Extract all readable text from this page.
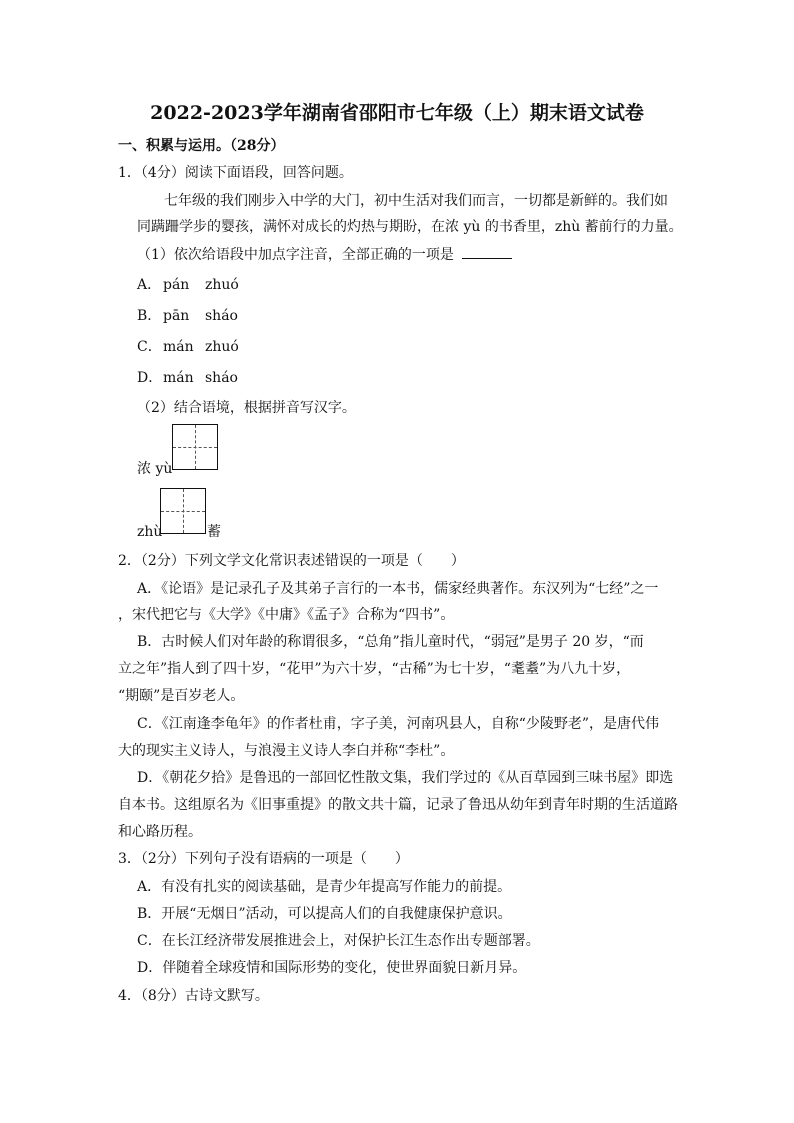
2022-2023学年湖南省邵阳市七年级（上）期末语文试卷
一、积累与运用。（28分）
1．（4分）阅读下面语段，回答问题。
七年级的我们刚步入中学的大门，初中生活对我们而言，一切都是新鲜的。我们如
同蹒跚学步的婴孩，满怀对成长的灼热与期盼，在浓 yù 的书香里，zhù 蓄前行的力量。
（1）依次给语段中加点字注音，全部正确的一项是
A． pán zhuó
B． pān sháo
C．mán zhuó
D．mán sháo
（2）结合语境，根据拼音写汉字。
浓 yù
zhù	蓄
2．（2分）下列文学文化常识表述错误的一项是（　　）
A．《论语》是记录孔子及其弟子言行的一本书，儒家经典著作。东汉列为“七经”之一
，宋代把它与《大学》《中庸》《孟子》合称为“四书”。
B．古时候人们对年龄的称谓很多，“总角”指儿童时代，“弱冠”是男子 20 岁，“而
立之年”指人到了四十岁，“花甲”为六十岁，“古稀”为七十岁，“耄耋”为八九十岁，
“期颐”是百岁老人。
C．《江南逢李龟年》的作者杜甫，字子美，河南巩县人，自称“少陵野老”，是唐代伟
大的现实主义诗人，与浪漫主义诗人李白并称“李杜”。
D．《朝花夕拾》是鲁迅的一部回忆性散文集，我们学过的《从百草园到三味书屋》即选
自本书。这组原名为《旧事重提》的散文共十篇，记录了鲁迅从幼年到青年时期的生活道路
和心路历程。
3．（2分）下列句子没有语病的一项是（　　）
A．有没有扎实的阅读基础，是青少年提高写作能力的前提。
B．开展“无烟日”活动，可以提高人们的自我健康保护意识。
C．在长江经济带发展推进会上，对保护长江生态作出专题部署。
D．伴随着全球疫情和国际形势的变化，使世界面貌日新月异。
4．（8分）古诗文默写。
